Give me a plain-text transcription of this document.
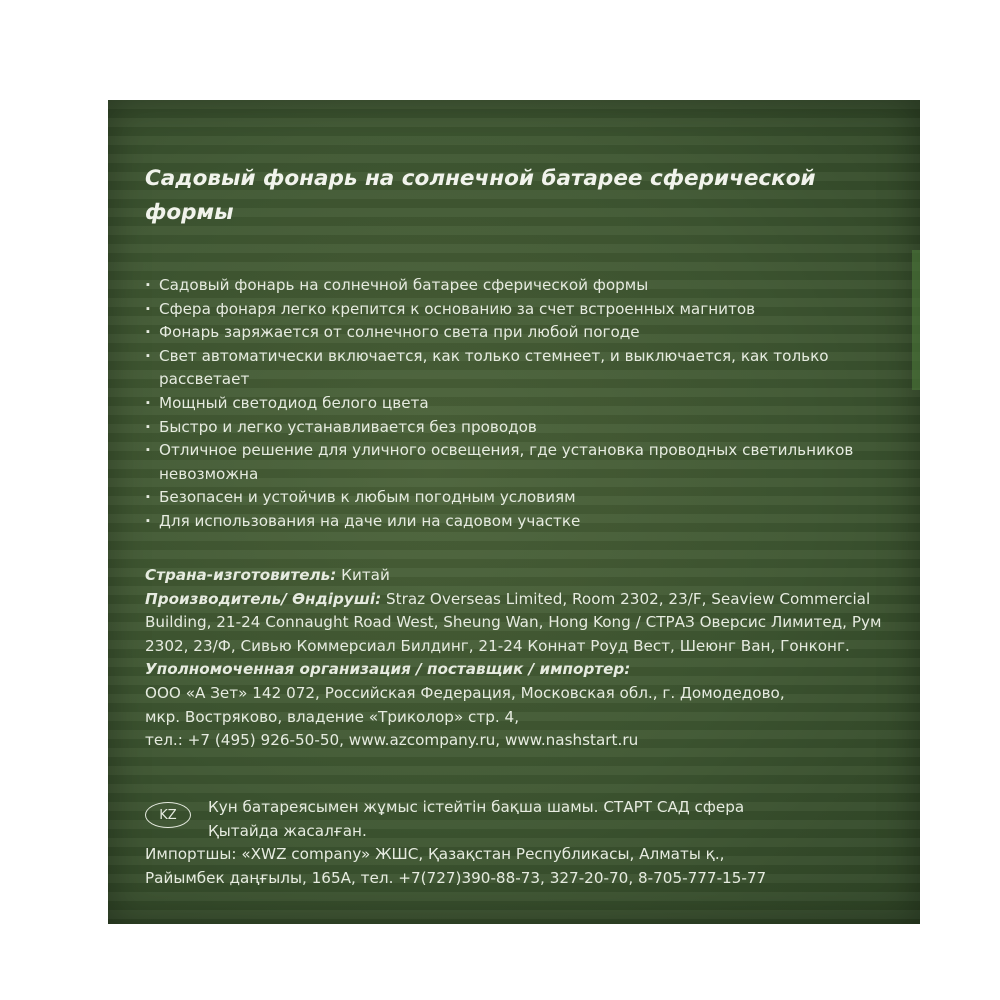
Садовый фонарь на солнечной батарее сферической формы
· Садовый фонарь на солнечной батарее сферической формы
· Сфера фонаря легко крепится к основанию за счет встроенных магнитов
· Фонарь заряжается от солнечного света при любой погоде
· Свет автоматически включается, как только стемнеет, и выключается, как только рассветает
· Мощный светодиод белого цвета
· Быстро и легко устанавливается без проводов
· Отличное решение для уличного освещения, где установка проводных светильников невозможна
· Безопасен и устойчив к любым погодным условиям
· Для использования на даче или на садовом участке

Страна-изготовитель: Китай

Производитель/ Өндіруші: Straz Overseas Limited, Room 2302, 23/F, Seaview Commercial Building, 21-24 Connaught Road West, Sheung Wan, Hong Kong / СТРАЗ Оверсис Лимитед, Рум 2302, 23/Ф, Сивью Коммерсиал Билдинг, 21-24 Коннат Роуд Вест, Шеюнг Ван, Гонконг.

Уполномоченная организация / поставщик / импортер:

ООО «А Зет» 142 072, Российская Федерация, Московская обл., г. Домодедово,

мкр. Востряково, владение «Триколор» стр. 4,

тел.: +7 (495) 926-50-50, www.azcompany.ru, www.nashstart.ru

KZ	Кун батареясымен жұмыс істейтін бақша шамы. СТАРТ САД сфера

Қытайда жасалған.

Импортшы: «XWZ company» ЖШС, Қазақстан Республикасы, Алматы қ.,

Райымбек даңғылы, 165А, тел. +7(727)390-88-73, 327-20-70, 8-705-777-15-77
